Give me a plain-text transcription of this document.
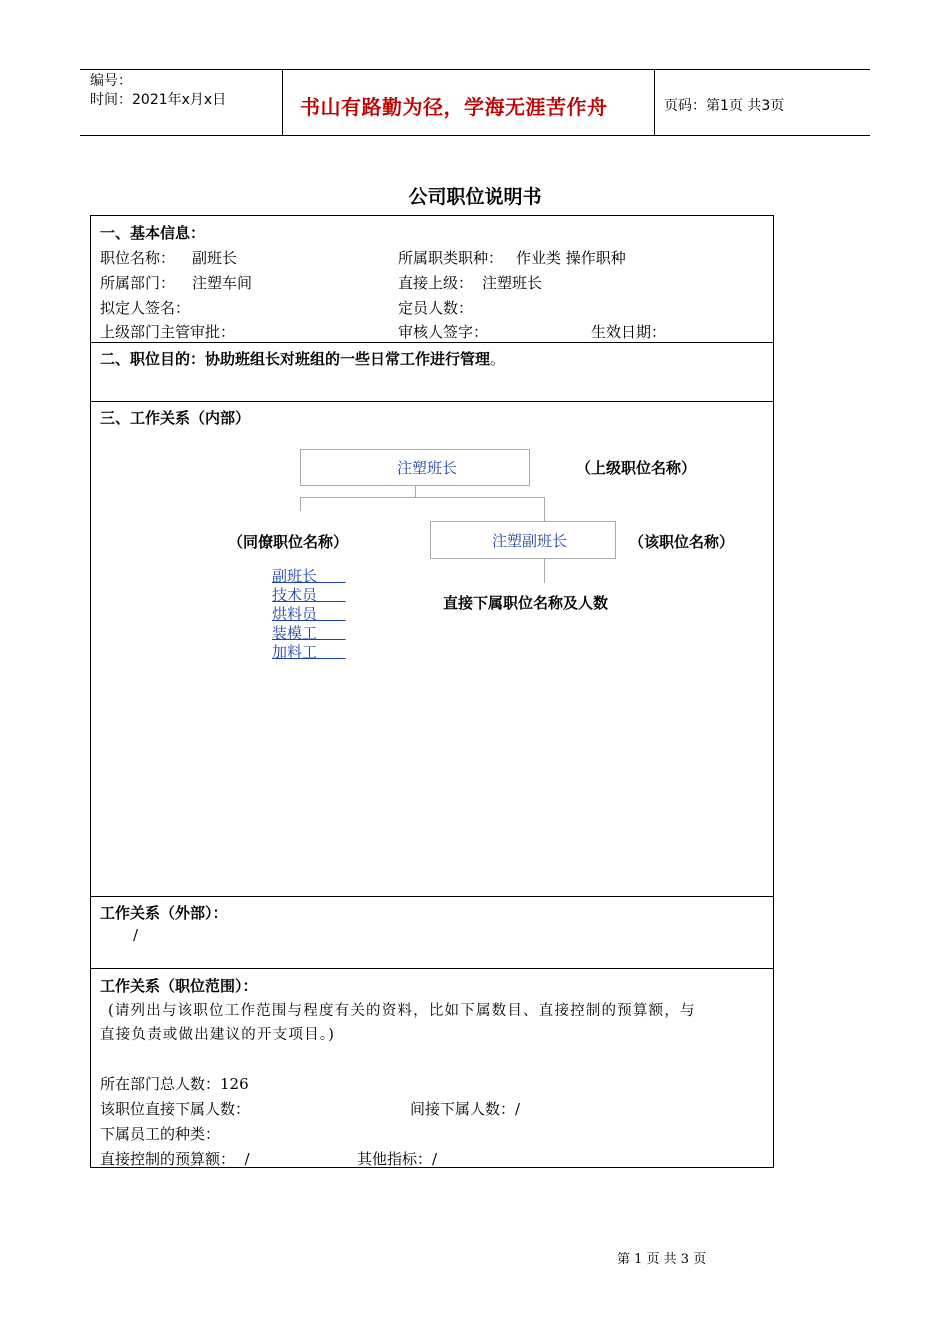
编号：
时间：2021年x月x日	书山有路勤为径，学海无涯苦作舟	页码：第1页 共3页
公司职位说明书
一、基本信息：
职位名称： 副班长	所属职类职种： 作业类 操作职种
所属部门： 注塑车间	直接上级： 注塑班长
拟定人签名：	定员人数：
上级部门主管审批：	审核人签字：	生效日期：
二、职位目的：协助班组长对班组的一些日常工作进行管理。
三、工作关系（内部）
注塑班长	（上级职位名称）
注塑副班长	（该职位名称）
（同僚职位名称）
直接下属职位名称及人数
副班长
技术员
烘料员
装模工
加料工
工作关系（外部）：
/
工作关系（职位范围）：
(请列出与该职位工作范围与程度有关的资料，比如下属数目、直接控制的预算额，与
直接负责或做出建议的开支项目。)
所在部门总人数：126
该职位直接下属人数：	间接下属人数：/
下属员工的种类：
直接控制的预算额：  /	其他指标：/
第 1 页 共 3 页
